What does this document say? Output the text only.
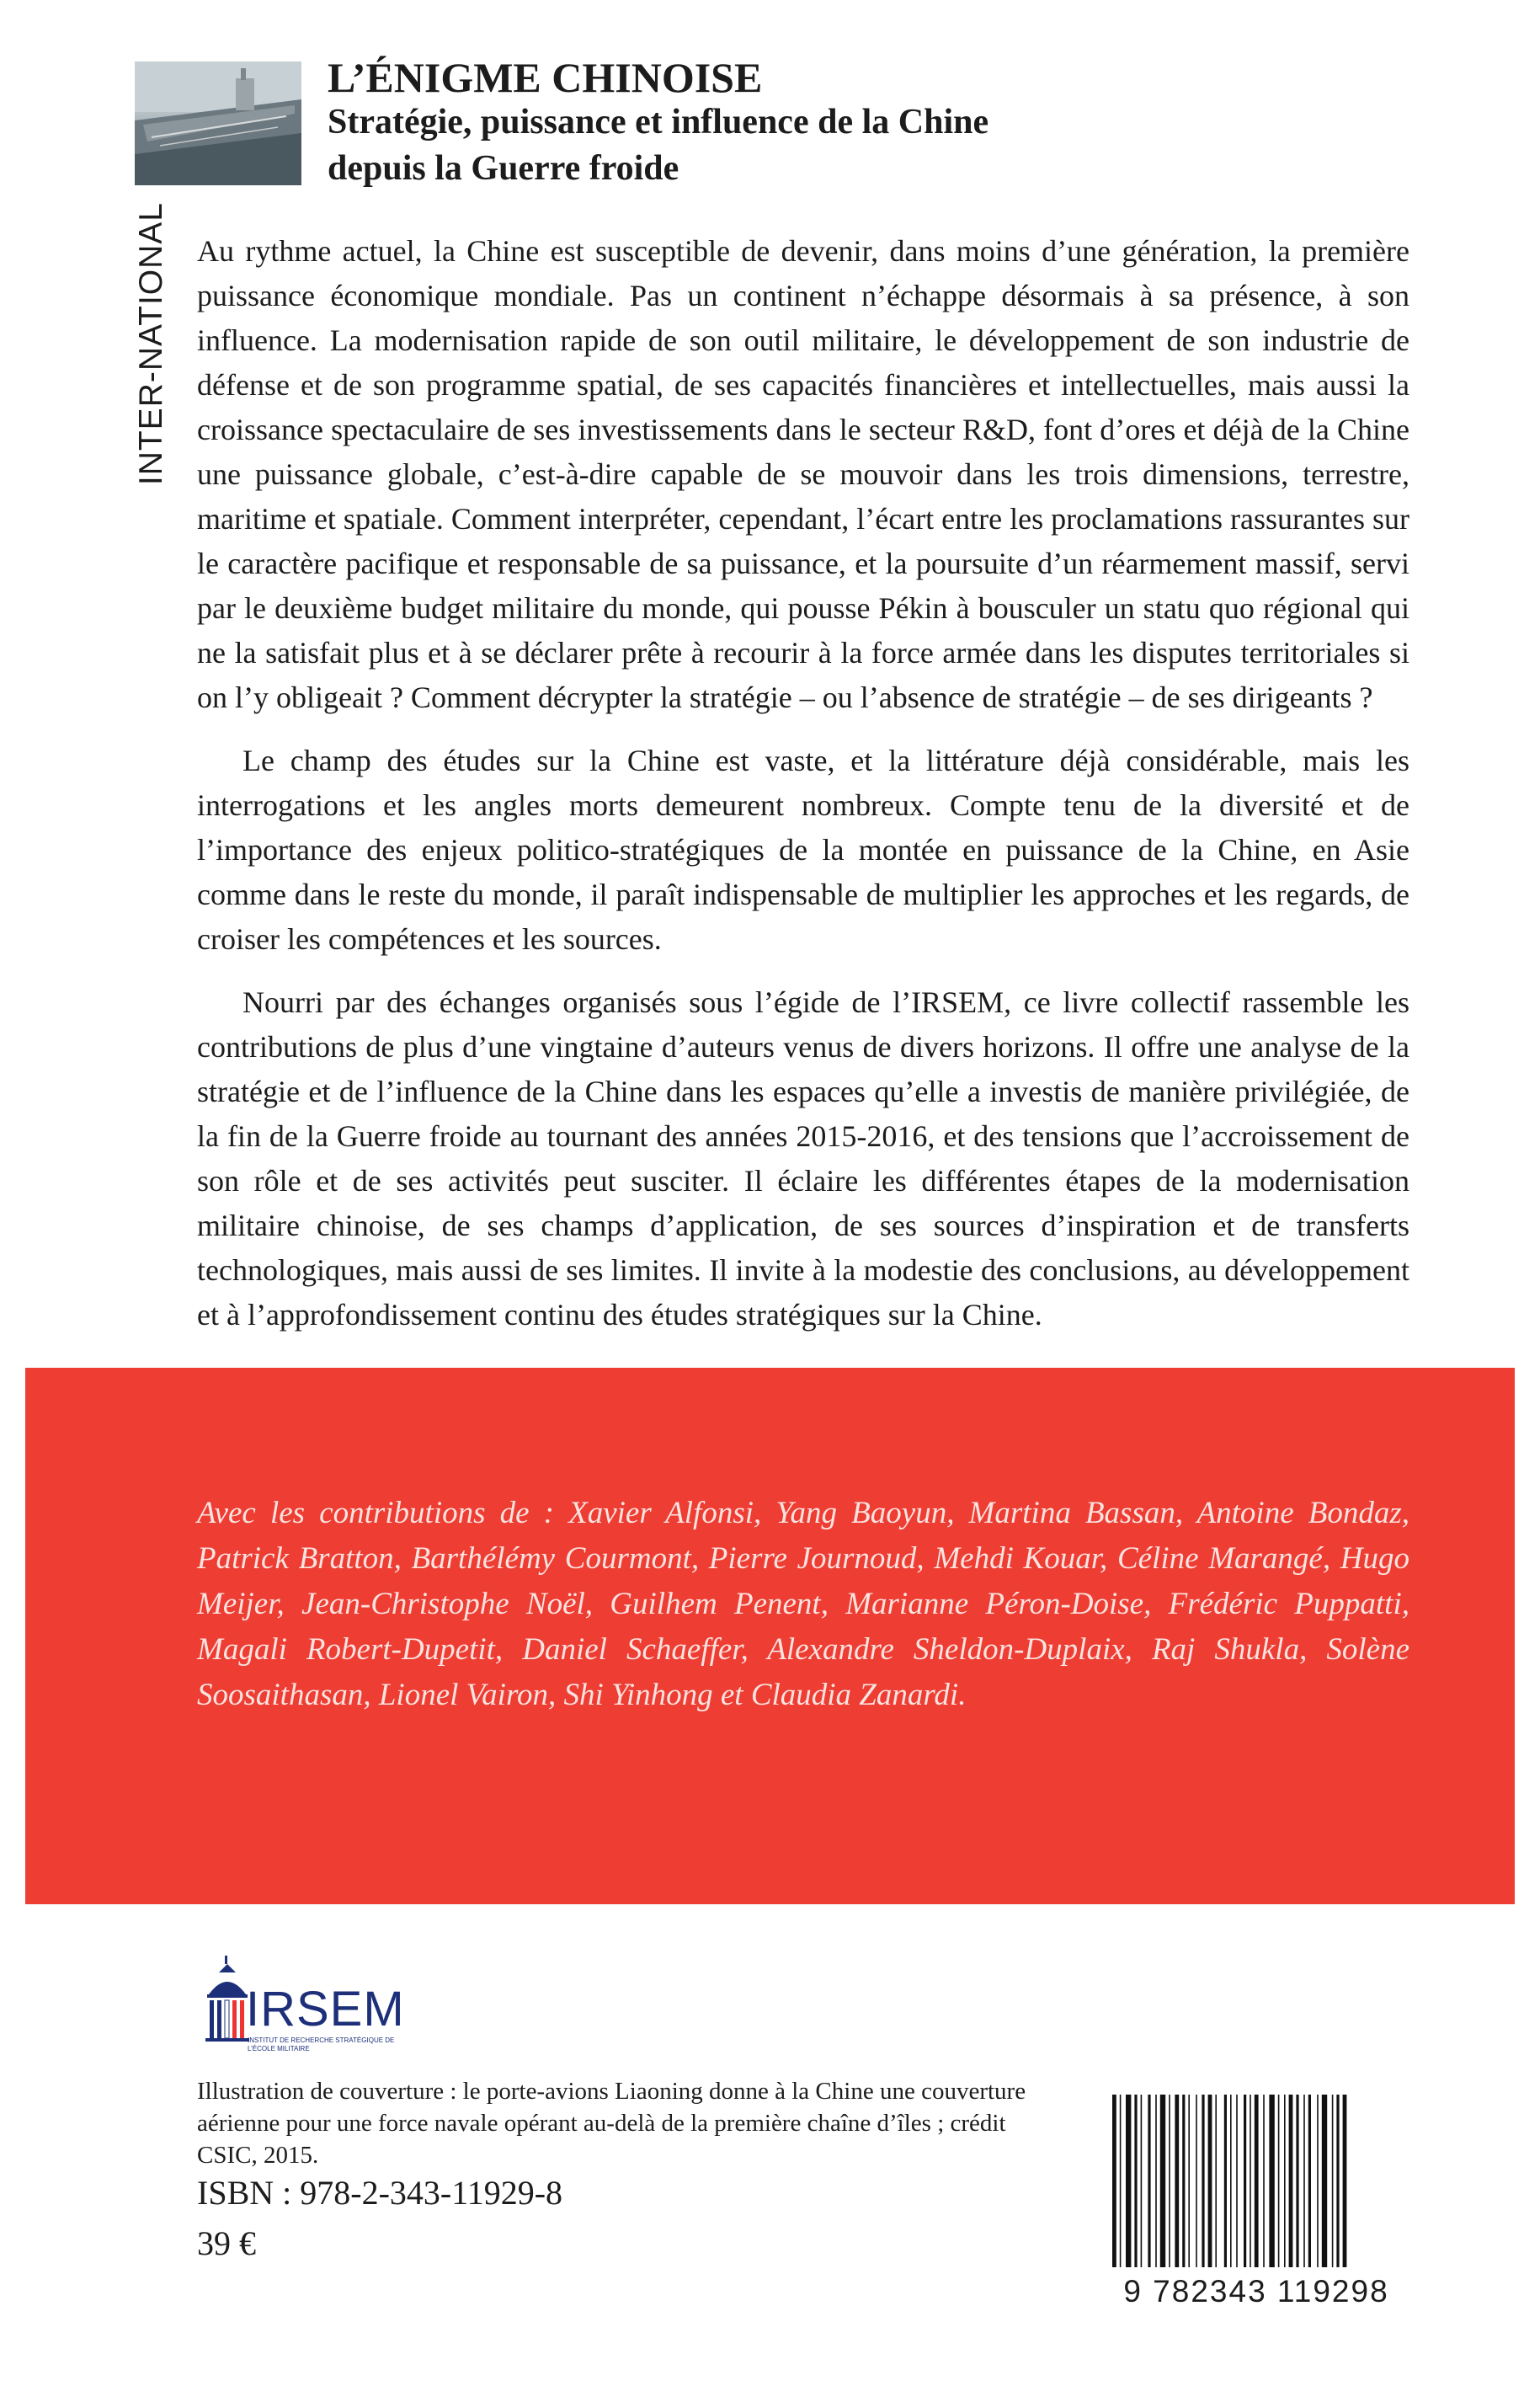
INTER-NATIONAL
L’ÉNIGME CHINOISE
Stratégie, puissance et influence de la Chine
depuis la Guerre froide

Au rythme actuel, la Chine est susceptible de devenir, dans moins d’une génération, la première puissance économique mondiale. Pas un continent n’échappe désormais à sa présence, à son influence. La modernisation rapide de son outil militaire, le développement de son industrie de défense et de son programme spatial, de ses capacités financières et intellectuelles, mais aussi la croissance spectaculaire de ses investissements dans le secteur R&D, font d’ores et déjà de la Chine une puissance globale, c’est-à-dire capable de se mouvoir dans les trois dimensions, terrestre, maritime et spatiale. Comment interpréter, cependant, l’écart entre les proclamations rassurantes sur le caractère pacifique et responsable de sa puissance, et la poursuite d’un réarmement massif, servi par le deuxième budget militaire du monde, qui pousse Pékin à bousculer un statu quo régional qui ne la satisfait plus et à se déclarer prête à recourir à la force armée dans les disputes territoriales si on l’y obligeait ? Comment décrypter la stratégie – ou l’absence de stratégie – de ses dirigeants ?

Le champ des études sur la Chine est vaste, et la littérature déjà considérable, mais les interrogations et les angles morts demeurent nombreux. Compte tenu de la diversité et de l’importance des enjeux politico-stratégiques de la montée en puissance de la Chine, en Asie comme dans le reste du monde, il paraît indispensable de multiplier les approches et les regards, de croiser les compétences et les sources.

Nourri par des échanges organisés sous l’égide de l’IRSEM, ce livre collectif rassemble les contributions de plus d’une vingtaine d’auteurs venus de divers horizons. Il offre une analyse de la stratégie et de l’influence de la Chine dans les espaces qu’elle a investis de manière privilégiée, de la fin de la Guerre froide au tournant des années 2015-2016, et des tensions que l’accroissement de son rôle et de ses activités peut susciter. Il éclaire les différentes étapes de la modernisation militaire chinoise, de ses champs d’application, de ses sources d’inspiration et de transferts technologiques, mais aussi de ses limites. Il invite à la modestie des conclusions, au développement et à l’approfondissement continu des études stratégiques sur la Chine.

Avec les contributions de : Xavier Alfonsi, Yang Baoyun, Martina Bassan, Antoine Bondaz, Patrick Bratton, Barthélémy Courmont, Pierre Journoud, Mehdi Kouar, Céline Marangé, Hugo Meijer, Jean-Christophe Noël, Guilhem Penent, Marianne Péron-Doise, Frédéric Puppatti, Magali Robert-Dupetit, Daniel Schaeffer, Alexandre Sheldon-Duplaix, Raj Shukla, Solène Soosaithasan, Lionel Vairon, Shi Yinhong et Claudia Zanardi.

IRSEM
INSTITUT DE RECHERCHE STRATÉGIQUE DE L’ÉCOLE MILITAIRE

Illustration de couverture : le porte-avions Liaoning donne à la Chine une couverture aérienne pour une force navale opérant au-delà de la première chaîne d’îles ; crédit CSIC, 2015.

ISBN : 978-2-343-11929-8

39 €

9 782343 119298
